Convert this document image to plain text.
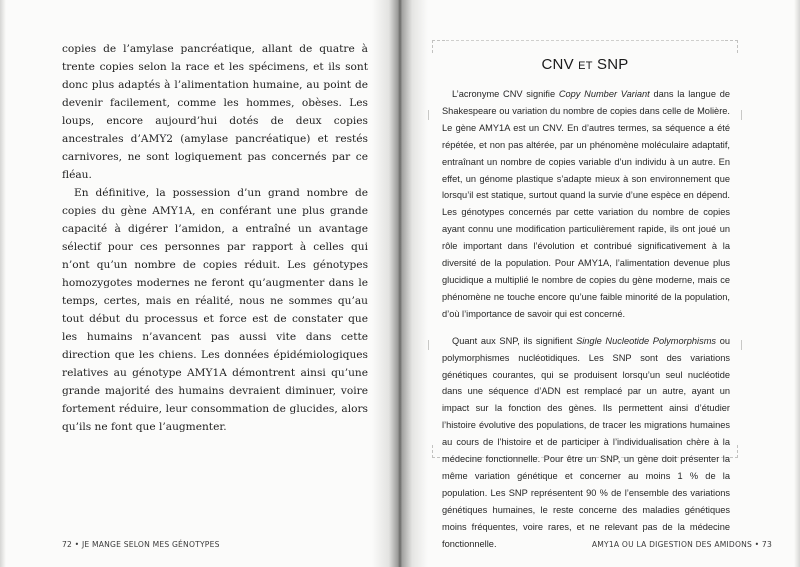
copies de l’amylase pancréatique, allant de quatre à trente copies selon la race et les spécimens, et ils sont donc plus adaptés à l’alimentation humaine, au point de devenir facilement, comme les hommes, obèses. Les loups, encore aujourd’hui dotés de deux copies ancestrales d’AMY2 (amylase pancréatique) et restés carnivores, ne sont logiquement pas concernés par ce fléau.

En définitive, la possession d’un grand nombre de copies du gène AMY1A, en conférant une plus grande capacité à digérer l’amidon, a entraîné un avantage sélectif pour ces personnes par rapport à celles qui n’ont qu’un nombre de copies réduit. Les génotypes homozygotes modernes ne feront qu’augmenter dans le temps, certes, mais en réalité, nous ne sommes qu’au tout début du processus et force est de constater que les humains n’avancent pas aussi vite dans cette direction que les chiens. Les données épidémiologiques relatives au génotype AMY1A démontrent ainsi qu’une grande majorité des humains devraient diminuer, voire fortement réduire, leur consommation de glucides, alors qu’ils ne font que l’augmenter.

72 • JE MANGE SELON MES GÉNOTYPES
CNV ET SNP

L’acronyme CNV signifie Copy Number Variant dans la langue de Shakespeare ou variation du nombre de copies dans celle de Molière. Le gène AMY1A est un CNV. En d’autres termes, sa séquence a été répétée, et non pas altérée, par un phénomène moléculaire adaptatif, entraînant un nombre de copies variable d’un individu à un autre. En effet, un génome plastique s’adapte mieux à son environnement que lorsqu’il est statique, surtout quand la survie d’une espèce en dépend. Les génotypes concernés par cette variation du nombre de copies ayant connu une modification particulièrement rapide, ils ont joué un rôle important dans l’évolution et contribué significativement à la diversité de la population. Pour AMY1A, l’alimentation devenue plus glucidique a multiplié le nombre de copies du gène moderne, mais ce phénomène ne touche encore qu’une faible minorité de la population, d’où l’importance de savoir qui est concerné.

Quant aux SNP, ils signifient Single Nucleotide Polymorphisms ou polymorphismes nucléotidiques. Les SNP sont des variations génétiques courantes, qui se produisent lorsqu’un seul nucléotide dans une séquence d’ADN est remplacé par un autre, ayant un impact sur la fonction des gènes. Ils permettent ainsi d’étudier l’histoire évolutive des populations, de tracer les migrations humaines au cours de l’histoire et de participer à l’individualisation chère à la médecine fonctionnelle. Pour être un SNP, un gène doit présenter la même variation génétique et concerner au moins 1 % de la population. Les SNP représentent 90 % de l’ensemble des variations génétiques humaines, le reste concerne des maladies génétiques moins fréquentes, voire rares, et ne relevant pas de la médecine fonctionnelle.	AMY1A OU LA DIGESTION DES AMIDONS • 73
